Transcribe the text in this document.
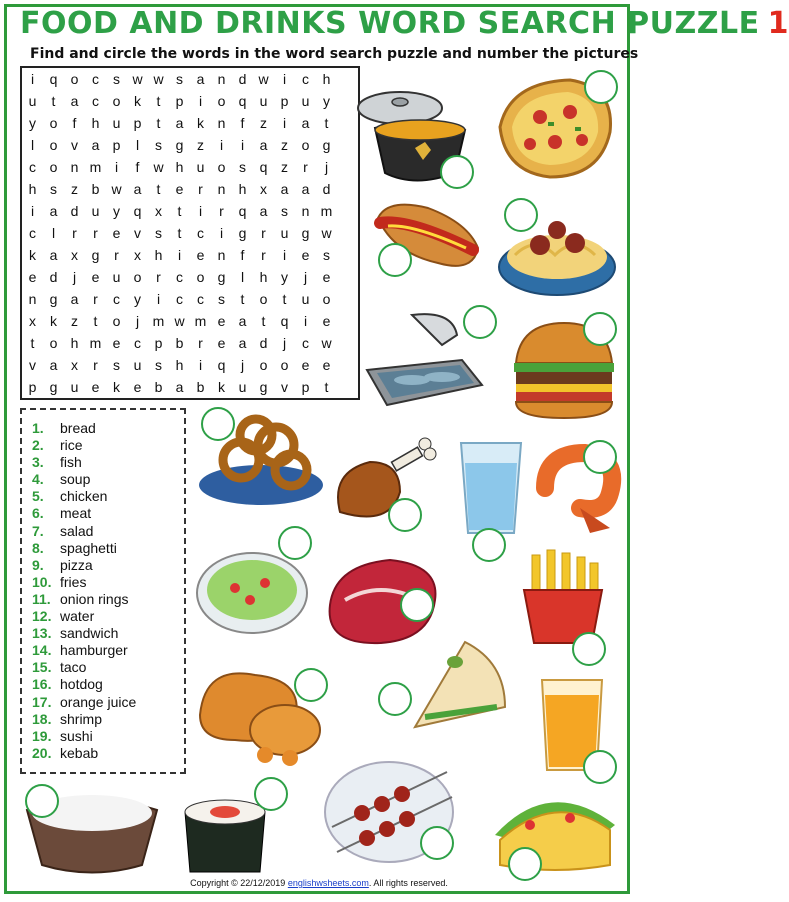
FOOD AND DRINKS WORD SEARCH PUZZLE 1
Find and circle the words in the word search puzzle and number the pictures
i	q o c	s w w s a n d w	i	c h
u	t	a c o k	t	p	i	o q u p u y
y o	f	h u p	t	a k n	f	z	i	a	t
l	o v a p	l	s g z	i	i	a z o g
c o n m i	f	w h u o s q z	r	j
h s	z b w a	t	e	r	n h x a a d
i	a d u y q x	t	i	r	q a s n m
c	l	r	r	e v	s	t	c	i	g	r	u g w
k a x g	r	x h	i	e n	f	r	i	e s
e d	j	e u o	r	c o g	l	h y	j	e
n g a	r	c	y	i	c	c	s	t	o	t	u o
x	k	z	t	o	j m w m e a	t	q	i	e
t	o h m e c p b	r	e a d	j	c w
v a x	r	s u s h	i	q	j	o o e e
p g u e k e b a b k u g v p	t
1. bread
2. rice
3. fish
4. soup
5. chicken
6. meat
7. salad
8. spaghetti
9. pizza
10. fries
11. onion rings
12. water
13. sandwich
14. hamburger
15. taco
16. hotdog
17. orange juice
18. shrimp
19. sushi
20. kebab
Copyright © 22/12/2019 englishwsheets.com. All rights reserved.
